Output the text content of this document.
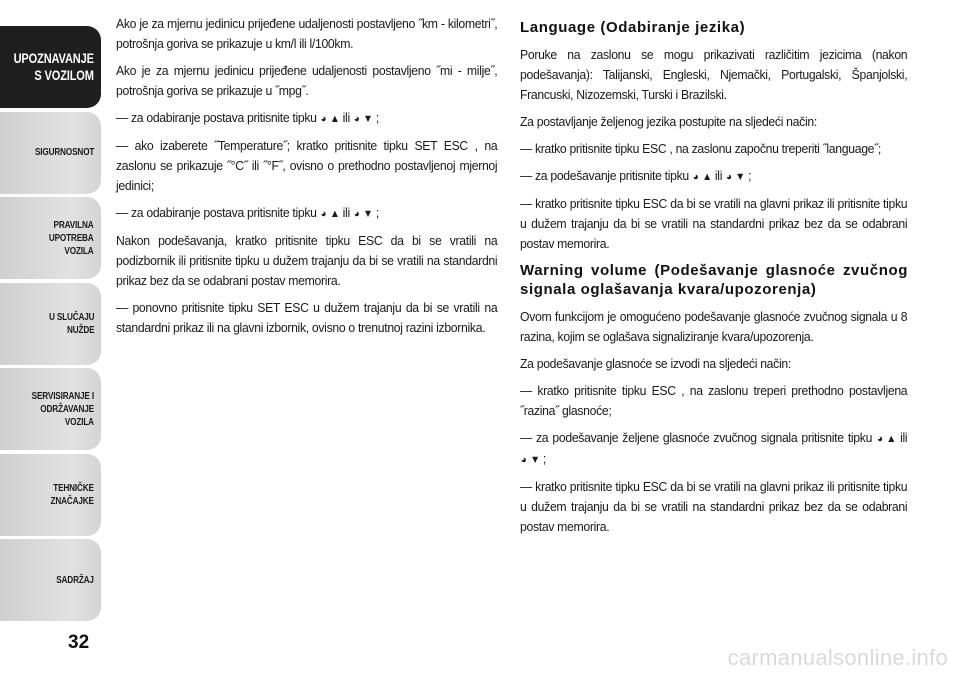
UPOZNAVANJE
S VOZILOM
SIGURNOSNOT
PRAVILNA
UPOTREBA
VOZILA
U SLUČAJU
NUŽDE
SERVISIRANJE I
ODRŽAVANJE
VOZILA
TEHNIČKE
ZNAČAJKE
SADRŽAJ
32

Ako je za mjernu jedinicu prijeđene udaljenosti postavljeno ˝km - kilometri˝, potrošnja goriva se prikazuje u km/l ili l/100km.

Ako je za mjernu jedinicu prijeđene udaljenosti postavljeno ˝mi - milje˝, potrošnja goriva se prikazuje u ˝mpg˝.

— za odabiranje postava pritisnite tipku ◕ ▲ ili ◕ ▼ ;

— ako izaberete ˝Temperature˝; kratko pritisnite tipku SET ESC , na zaslonu se prikazuje ˝°C˝ ili ˝°F˝, ovisno o prethodno postavljenoj mjernoj jedinici;

— za odabiranje postava pritisnite tipku ◕ ▲ ili ◕ ▼ ;

Nakon podešavanja, kratko pritisnite tipku ESC da bi se vratili na podizbornik ili pritisnite tipku u dužem trajanju da bi se vratili na standardni prikaz bez da se odabrani postav memorira.

— ponovno pritisnite tipku SET ESC u dužem trajanju da bi se vratili na standardni prikaz ili na glavni izbornik, ovisno o trenutnoj razini izbornika.

Language (Odabiranje jezika)

Poruke na zaslonu se mogu prikazivati različitim jezicima (nakon podešavanja): Talijanski, Engleski, Njemački, Portugalski, Španjolski, Francuski, Nizozemski, Turski i Brazilski.

Za postavljanje željenog jezika postupite na sljedeći način:

— kratko pritisnite tipku ESC , na zaslonu započnu treperiti ˝language˝;

— za podešavanje pritisnite tipku ◕ ▲ ili ◕ ▼ ;

— kratko pritisnite tipku ESC da bi se vratili na glavni prikaz ili pritisnite tipku u dužem trajanju da bi se vratili na standardni prikaz bez da se odabrani postav memorira.

Warning volume (Podešavanje glasnoće zvučnog signala oglašavanja kvara/upozorenja)

Ovom funkcijom je omogućeno podešavanje glasnoće zvučnog signala u 8 razina, kojim se oglašava signaliziranje kvara/upozorenja.

Za podešavanje glasnoće se izvodi na sljedeći način:

— kratko pritisnite tipku ESC , na zaslonu treperi prethodno postavljena ˝razina˝ glasnoće;

— za podešavanje željene glasnoće zvučnog signala pritisnite tipku ◕ ▲ ili ◕ ▼ ;

— kratko pritisnite tipku ESC da bi se vratili na glavni prikaz ili pritisnite tipku u dužem trajanju da bi se vratili na standardni prikaz bez da se odabrani postav memorira.

carmanualsonline.info
